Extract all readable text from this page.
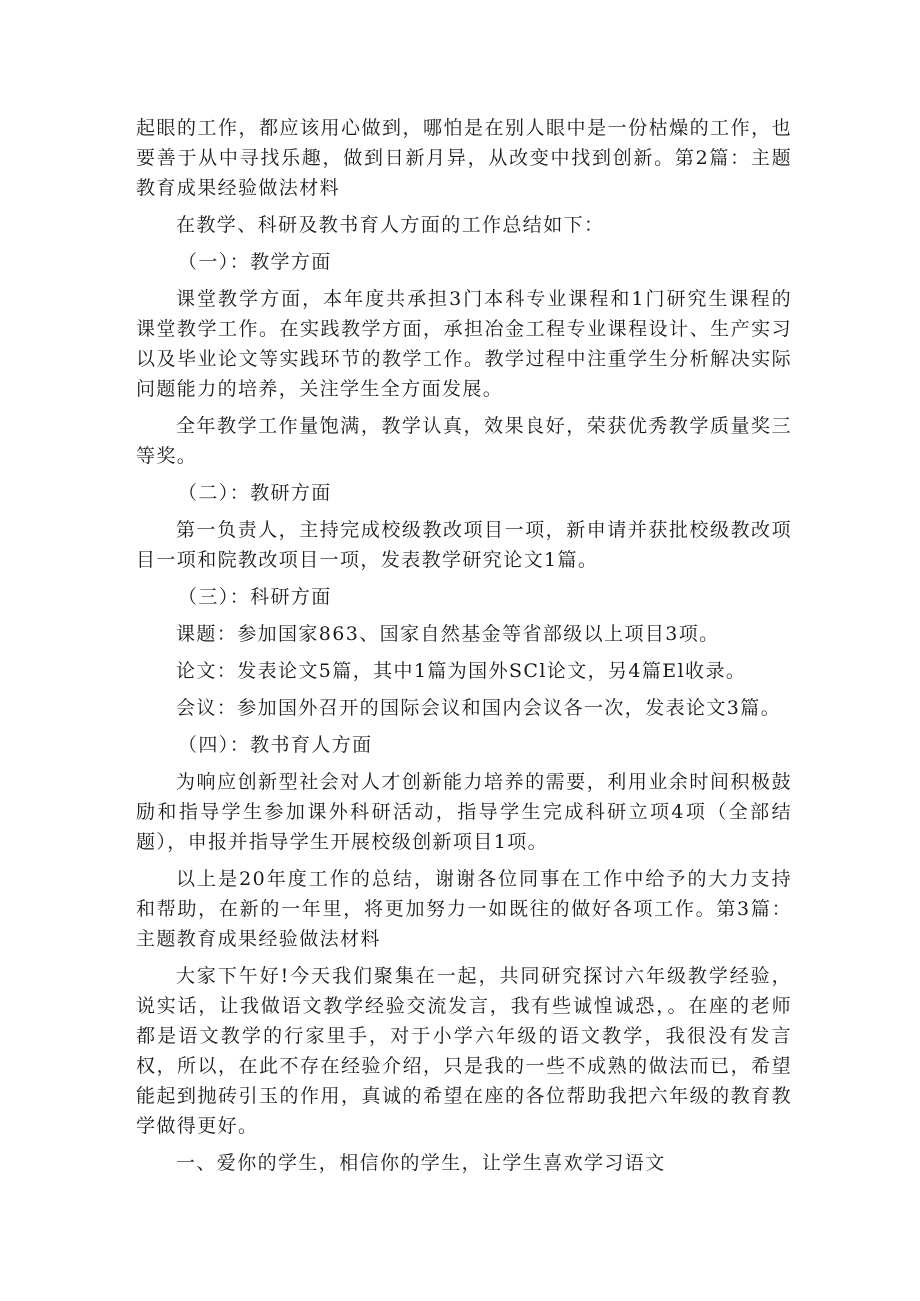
起眼的工作，都应该用心做到，哪怕是在别人眼中是一份枯燥的工作，也要善于从中寻找乐趣，做到日新月异，从改变中找到创新。第2篇：主题教育成果经验做法材料

在教学、科研及教书育人方面的工作总结如下：

（一）：教学方面

课堂教学方面，本年度共承担3门本科专业课程和1门研究生课程的课堂教学工作。在实践教学方面，承担冶金工程专业课程设计、生产实习以及毕业论文等实践环节的教学工作。教学过程中注重学生分析解决实际问题能力的培养，关注学生全方面发展。

全年教学工作量饱满，教学认真，效果良好，荣获优秀教学质量奖三等奖。

（二）：教研方面

第一负责人，主持完成校级教改项目一项，新申请并获批校级教改项目一项和院教改项目一项，发表教学研究论文1篇。

（三）：科研方面

课题：参加国家863、国家自然基金等省部级以上项目3项。

论文：发表论文5篇，其中1篇为国外SCl论文，另4篇El收录。

会议：参加国外召开的国际会议和国内会议各一次，发表论文3篇。

（四）：教书育人方面

为响应创新型社会对人才创新能力培养的需要，利用业余时间积极鼓励和指导学生参加课外科研活动，指导学生完成科研立项4项（全部结题），申报并指导学生开展校级创新项目1项。

以上是20年度工作的总结，谢谢各位同事在工作中给予的大力支持和帮助，在新的一年里，将更加努力一如既往的做好各项工作。第3篇：主题教育成果经验做法材料

大家下午好!今天我们聚集在一起，共同研究探讨六年级教学经验，说实话，让我做语文教学经验交流发言，我有些诚惶诚恐，。在座的老师都是语文教学的行家里手，对于小学六年级的语文教学，我很没有发言权，所以，在此不存在经验介绍，只是我的一些不成熟的做法而已，希望能起到抛砖引玉的作用，真诚的希望在座的各位帮助我把六年级的教育教学做得更好。

一、爱你的学生，相信你的学生，让学生喜欢学习语文
